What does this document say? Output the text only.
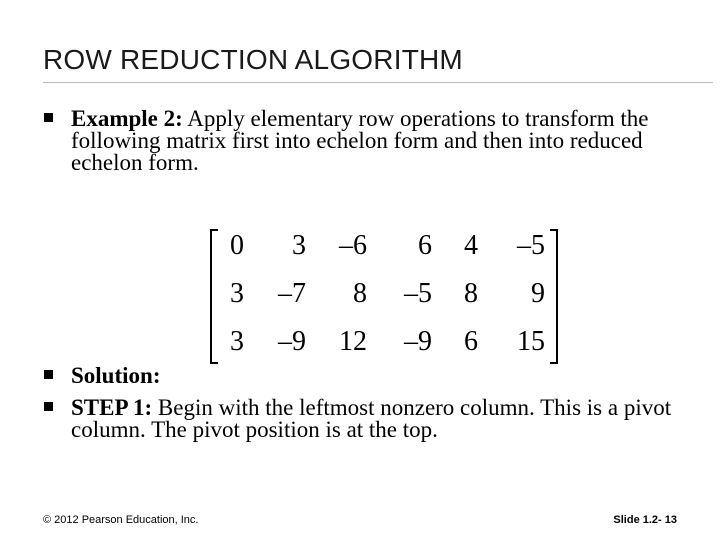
ROW REDUCTION ALGORITHM
Example 2: Apply elementary row operations to transform the following matrix first into echelon form and then into reduced echelon form.
0	3	–6	6	4	–5
3	–7	8	–5	8	9
3	–9	12	–9	6	15
Solution:
STEP 1: Begin with the leftmost nonzero column. This is a pivot column. The pivot position is at the top.
© 2012 Pearson Education, Inc.	Slide 1.2- 13
